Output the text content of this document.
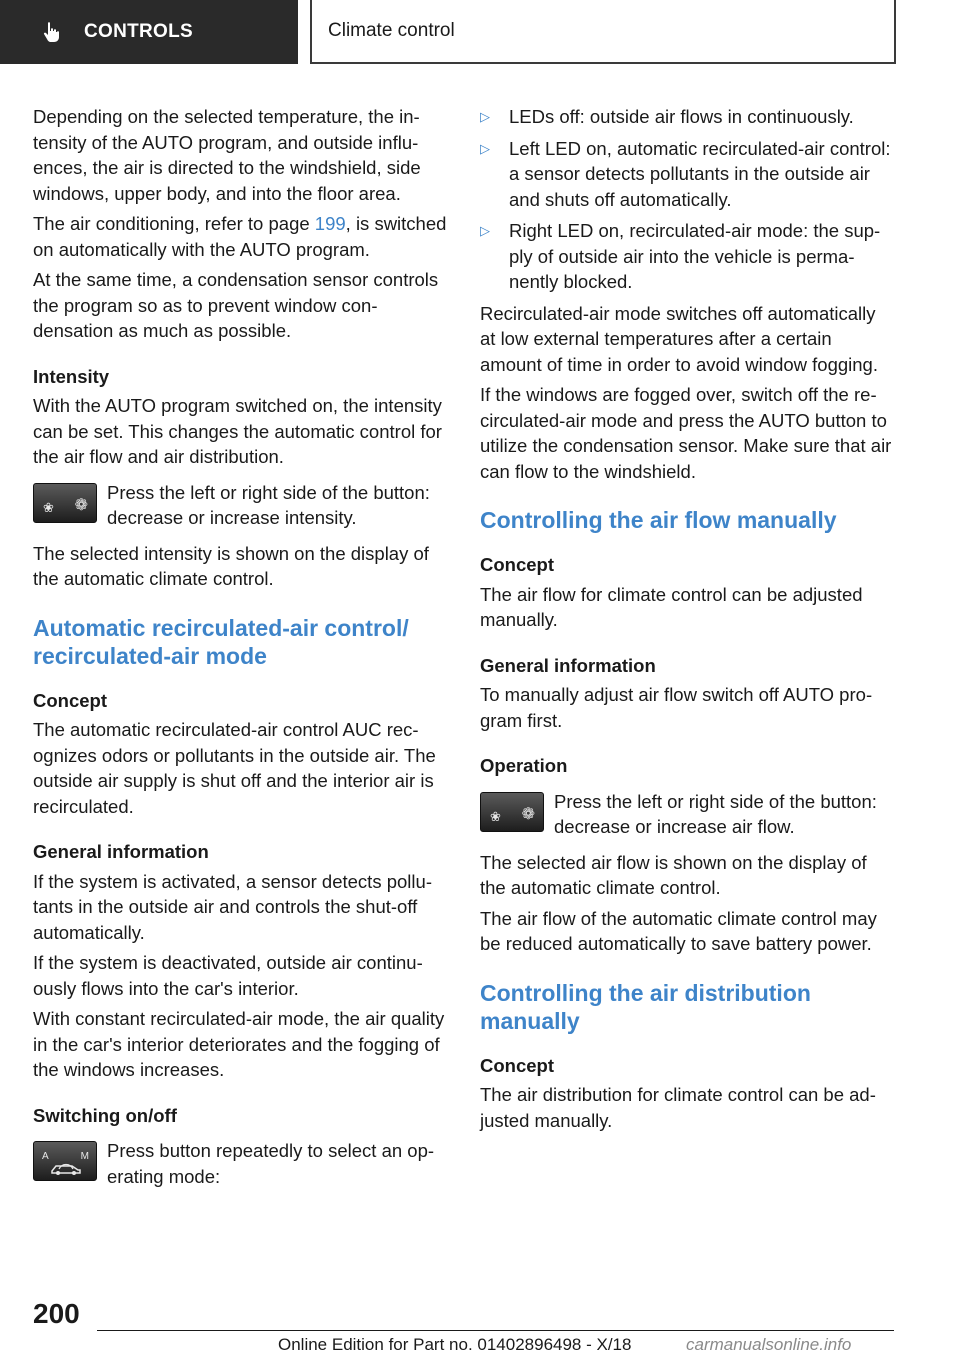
CONTROLS	Climate control

Depending on the selected temperature, the intensity of the AUTO program, and outside influences, the air is directed to the windshield, side windows, upper body, and into the floor area.

The air conditioning, refer to page 199, is switched on automatically with the AUTO program.

At the same time, a condensation sensor controls the program so as to prevent window condensation as much as possible.

Intensity

With the AUTO program switched on, the intensity can be set. This changes the automatic control for the air flow and air distribution.

❀ ❁
Press the left or right side of the button: decrease or increase intensity.

The selected intensity is shown on the display of the automatic climate control.

Automatic recirculated-air control/ recirculated-air mode
Concept

The automatic recirculated-air control AUC recognizes odors or pollutants in the outside air. The outside air supply is shut off and the interior air is recirculated.

General information

If the system is activated, a sensor detects pollutants in the outside air and controls the shut-off automatically.

If the system is deactivated, outside air continuously flows into the car's interior.

With constant recirculated-air mode, the air quality in the car's interior deteriorates and the fogging of the windows increases.

Switching on/off
A	M Press button repeatedly to select an operating mode:
▷ LEDs off: outside air flows in continuously.
▷ Left LED on, automatic recirculated-air control: a sensor detects pollutants in the outside air and shuts off automatically.
▷ Right LED on, recirculated-air mode: the supply of outside air into the vehicle is permanently blocked.

Recirculated-air mode switches off automatically at low external temperatures after a certain amount of time in order to avoid window fogging.

If the windows are fogged over, switch off the recirculated-air mode and press the AUTO button to utilize the condensation sensor. Make sure that air can flow to the windshield.

Controlling the air flow manually
Concept

The air flow for climate control can be adjusted manually.

General information

To manually adjust air flow switch off AUTO program first.

Operation
❀ ❁
Press the left or right side of the button: decrease or increase air flow.

The selected air flow is shown on the display of the automatic climate control.

The air flow of the automatic climate control may be reduced automatically to save battery power.

Controlling the air distribution manually
Concept

The air distribution for climate control can be adjusted manually.

200
Online Edition for Part no. 01402896498 - X/18	carmanualsonline.info
